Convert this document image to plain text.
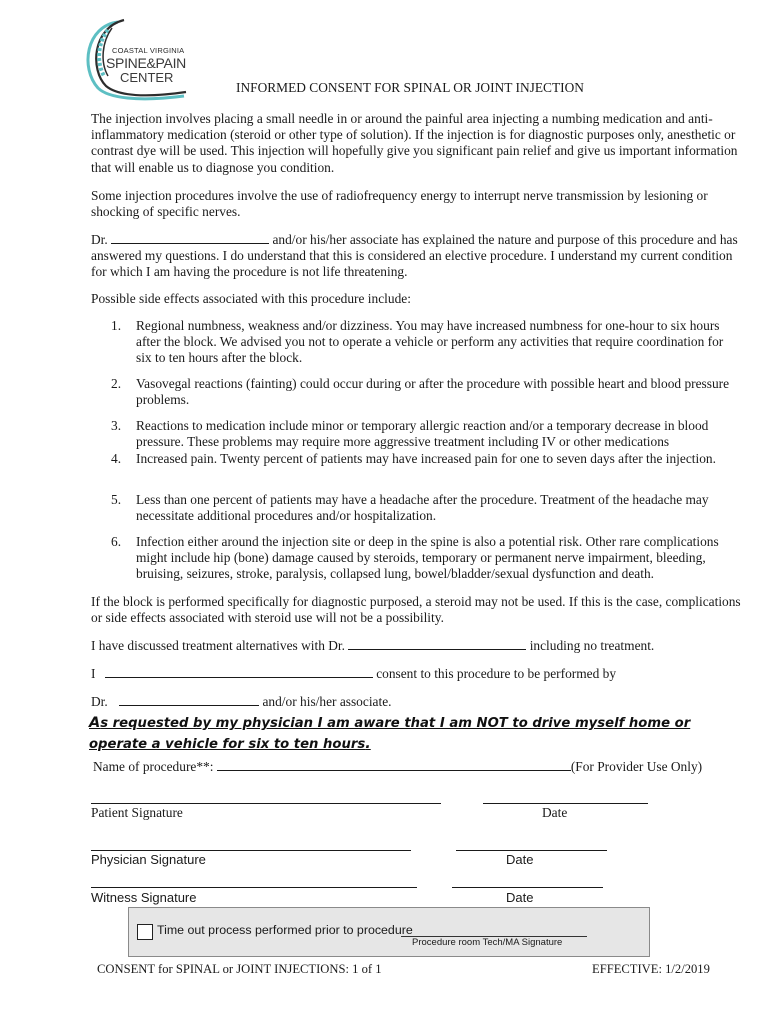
COASTAL VIRGINIA
SPINE&PAIN
CENTER
INFORMED CONSENT FOR SPINAL OR JOINT INJECTION
The injection involves placing a small needle in or around the painful area injecting a numbing medication and anti-inflammatory medication (steroid or other type of solution). If the injection is for diagnostic purposes only, anesthetic or contrast dye will be used. This injection will hopefully give you significant pain relief and give us important information that will enable us to diagnose you condition.
Some injection procedures involve the use of radiofrequency energy to interrupt nerve transmission by lesioning or shocking of specific nerves.
Dr.	and/or his/her associate has explained the nature and purpose of this procedure and has answered my questions. I do understand that this is considered an elective procedure. I understand my current condition for which I am having the procedure is not life threatening.
Possible side effects associated with this procedure include:
1. Regional numbness, weakness and/or dizziness. You may have increased numbness for one-hour to six hours after the block. We advised you not to operate a vehicle or perform any activities that require coordination for six to ten hours after the block.
2. Vasovegal reactions (fainting) could occur during or after the procedure with possible heart and blood pressure problems.
3. Reactions to medication include minor or temporary allergic reaction and/or a temporary decrease in blood pressure. These problems may require more aggressive treatment including IV or other medications
4. Increased pain. Twenty percent of patients may have increased pain for one to seven days after the injection.
5. Less than one percent of patients may have a headache after the procedure. Treatment of the headache may necessitate additional procedures and/or hospitalization.
6. Infection either around the injection site or deep in the spine is also a potential risk. Other rare complications might include hip (bone) damage caused by steroids, temporary or permanent nerve impairment, bleeding, bruising, seizures, stroke, paralysis, collapsed lung, bowel/bladder/sexual dysfunction and death.
If the block is performed specifically for diagnostic purposed, a steroid may not be used. If this is the case, complications or side effects associated with steroid use will not be a possibility.
I have discussed treatment alternatives with Dr.	including no treatment.
I	consent to this procedure to be performed by
Dr.	and/or his/her associate.
As requested by my physician I am aware that I am NOT to drive myself home or operate a vehicle for six to ten hours.
Name of procedure**:	(For Provider Use Only)
Patient Signature	Date
Physician Signature	Date
Witness Signature	Date
Time out process performed prior to procedure
Procedure room Tech/MA Signature
CONSENT for SPINAL or JOINT INJECTIONS: 1 of 1	EFFECTIVE: 1/2/2019
